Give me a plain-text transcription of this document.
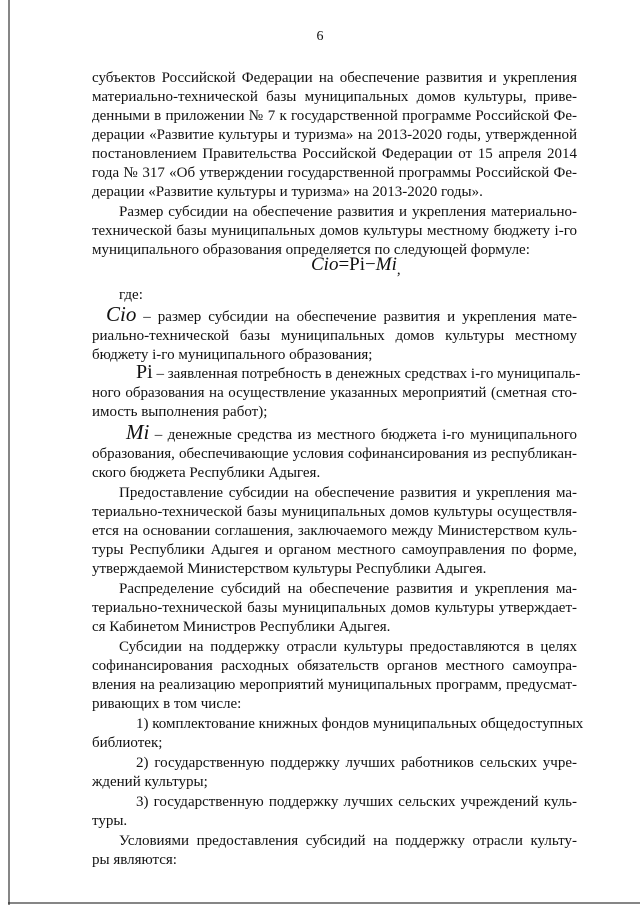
6
субъектов Российской Федерации на обеспечение развития и укрепления
материально-технической базы муниципальных домов культуры, приве-
денными в приложении № 7 к государственной программе Российской Фе-
дерации «Развитие культуры и туризма» на 2013-2020 годы, утвержденной
постановлением Правительства Российской Федерации от 15 апреля 2014
года № 317 «Об утверждении государственной программы Российской Фе-
дерации «Развитие культуры и туризма» на 2013-2020 годы».
Размер субсидии на обеспечение развития и укрепления материально-
технической базы муниципальных домов культуры местному бюджету i-го
муниципального образования определяется по следующей формуле:
$Cio=Pi-Mi_,$
где:
Cio – размер субсидии на обеспечение развития и укрепления мате-
риально-технической базы муниципальных домов культуры местному
бюджету i-го муниципального образования;
Pi – заявленная потребность в денежных средствах i-го муниципаль-
ного образования на осуществление указанных мероприятий (сметная сто-
имость выполнения работ);
Mi – денежные средства из местного бюджета i-го муниципального
образования, обеспечивающие условия софинансирования из республикан-
ского бюджета Республики Адыгея.
Предоставление субсидии на обеспечение развития и укрепления ма-
териально-технической базы муниципальных домов культуры осуществля-
ется на основании соглашения, заключаемого между Министерством куль-
туры Республики Адыгея и органом местного самоуправления по форме,
утверждаемой Министерством культуры Республики Адыгея.
Распределение субсидий на обеспечение развития и укрепления ма-
териально-технической базы муниципальных домов культуры утверждает-
ся Кабинетом Министров Республики Адыгея.
Субсидии на поддержку отрасли культуры предоставляются в целях
софинансирования расходных обязательств органов местного самоупра-
вления на реализацию мероприятий муниципальных программ, предусмат-
ривающих в том числе:
1) комплектование книжных фондов муниципальных общедоступных
библиотек;
2) государственную поддержку лучших работников сельских учре-
ждений культуры;
3) государственную поддержку лучших сельских учреждений куль-
туры.
Условиями предоставления субсидий на поддержку отрасли культу-
ры являются:
